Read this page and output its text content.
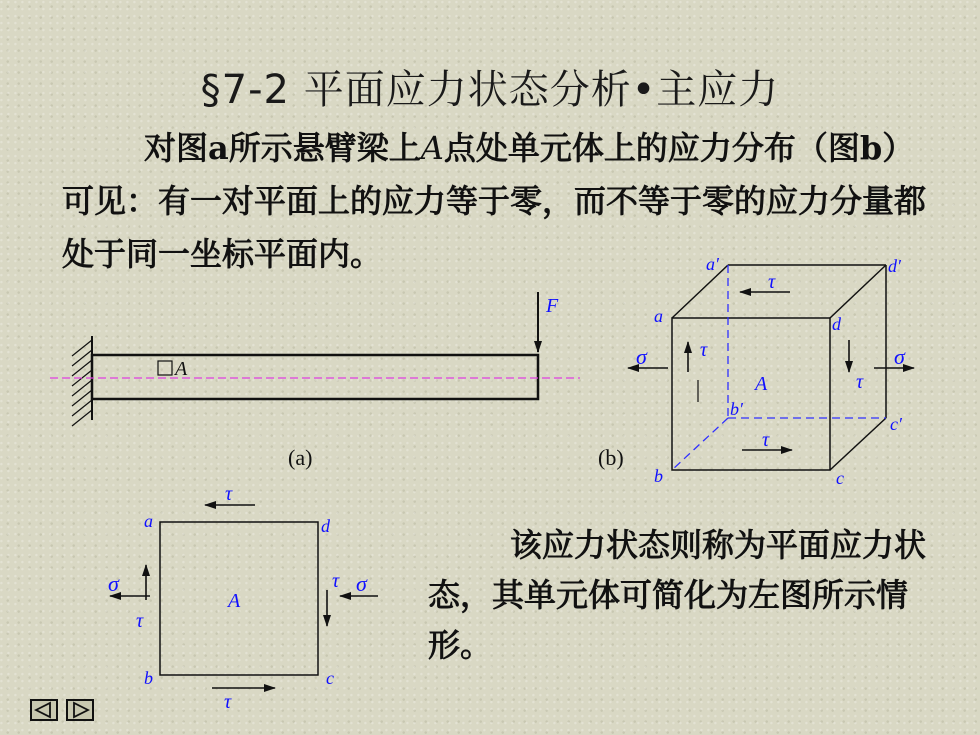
§7-2 平面应力状态分析•主应力
对图a所示悬臂梁上A点处单元体上的应力分布（图b）可见：有一对平面上的应力等于零，而不等于零的应力分量都处于同一坐标平面内。
A
F
(a)
a′	d′
a	d
b′
c′
b	c
A
σ	σ
τ
τ
τ
τ
(b)
a	d
b	c
A
τ
τ
τ
τ
σ	σ
该应力状态则称为平面应力状态，其单元体可简化为左图所示情形。
